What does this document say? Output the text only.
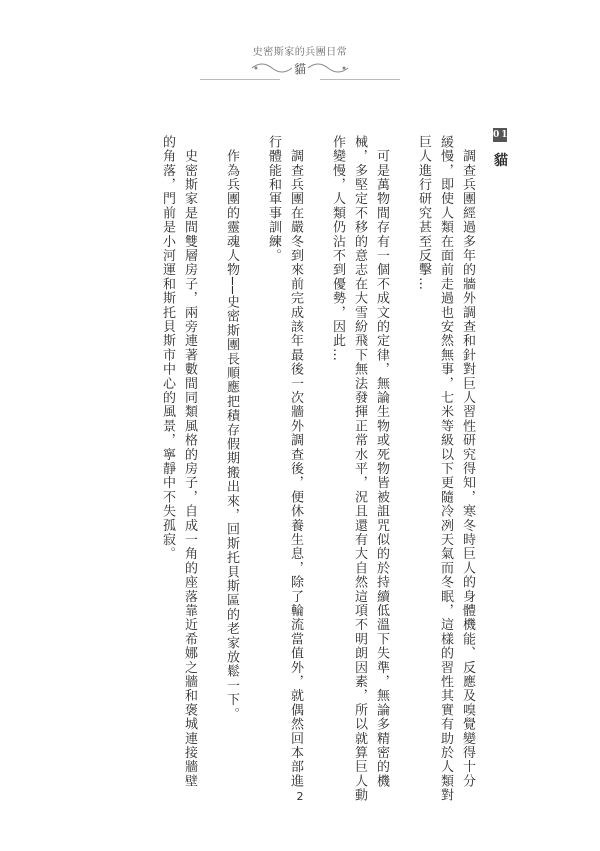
史密斯家的兵團日常
貓
01 貓
　調查兵團經過多年的牆外調查和針對巨人習性研究得知，寒冬時巨人的身體機能、反應及嗅覺變得十分
緩慢，即使人類在面前走過也安然無事，七米等級以下更隨冷冽天氣而冬眠，這樣的習性其實有助於人類對
巨人進行研究甚至反擊…
　可是萬物間存有一個不成文的定律，無論生物或死物皆被詛咒似的於持續低溫下失準，無論多精密的機
械，多堅定不移的意志在大雪紛飛下無法發揮正常水平，況且還有大自然這項不明朗因素，所以就算巨人動
作變慢，人類仍沾不到優勢，因此…
　調查兵團在嚴冬到來前完成該年最後一次牆外調查後，便休養生息，除了輪流當值外，就偶然回本部進
行體能和軍事訓練。
　作為兵團的靈魂人物──史密斯團長順應把積存假期搬出來，回斯托貝斯區的老家放鬆一下。
　史密斯家是間雙層房子，兩旁連著數間同類風格的房子，自成一角的座落靠近希娜之牆和褒城連接牆壁
的角落，門前是小河運和斯托貝斯市中心的風景，寧靜中不失孤寂。
2
